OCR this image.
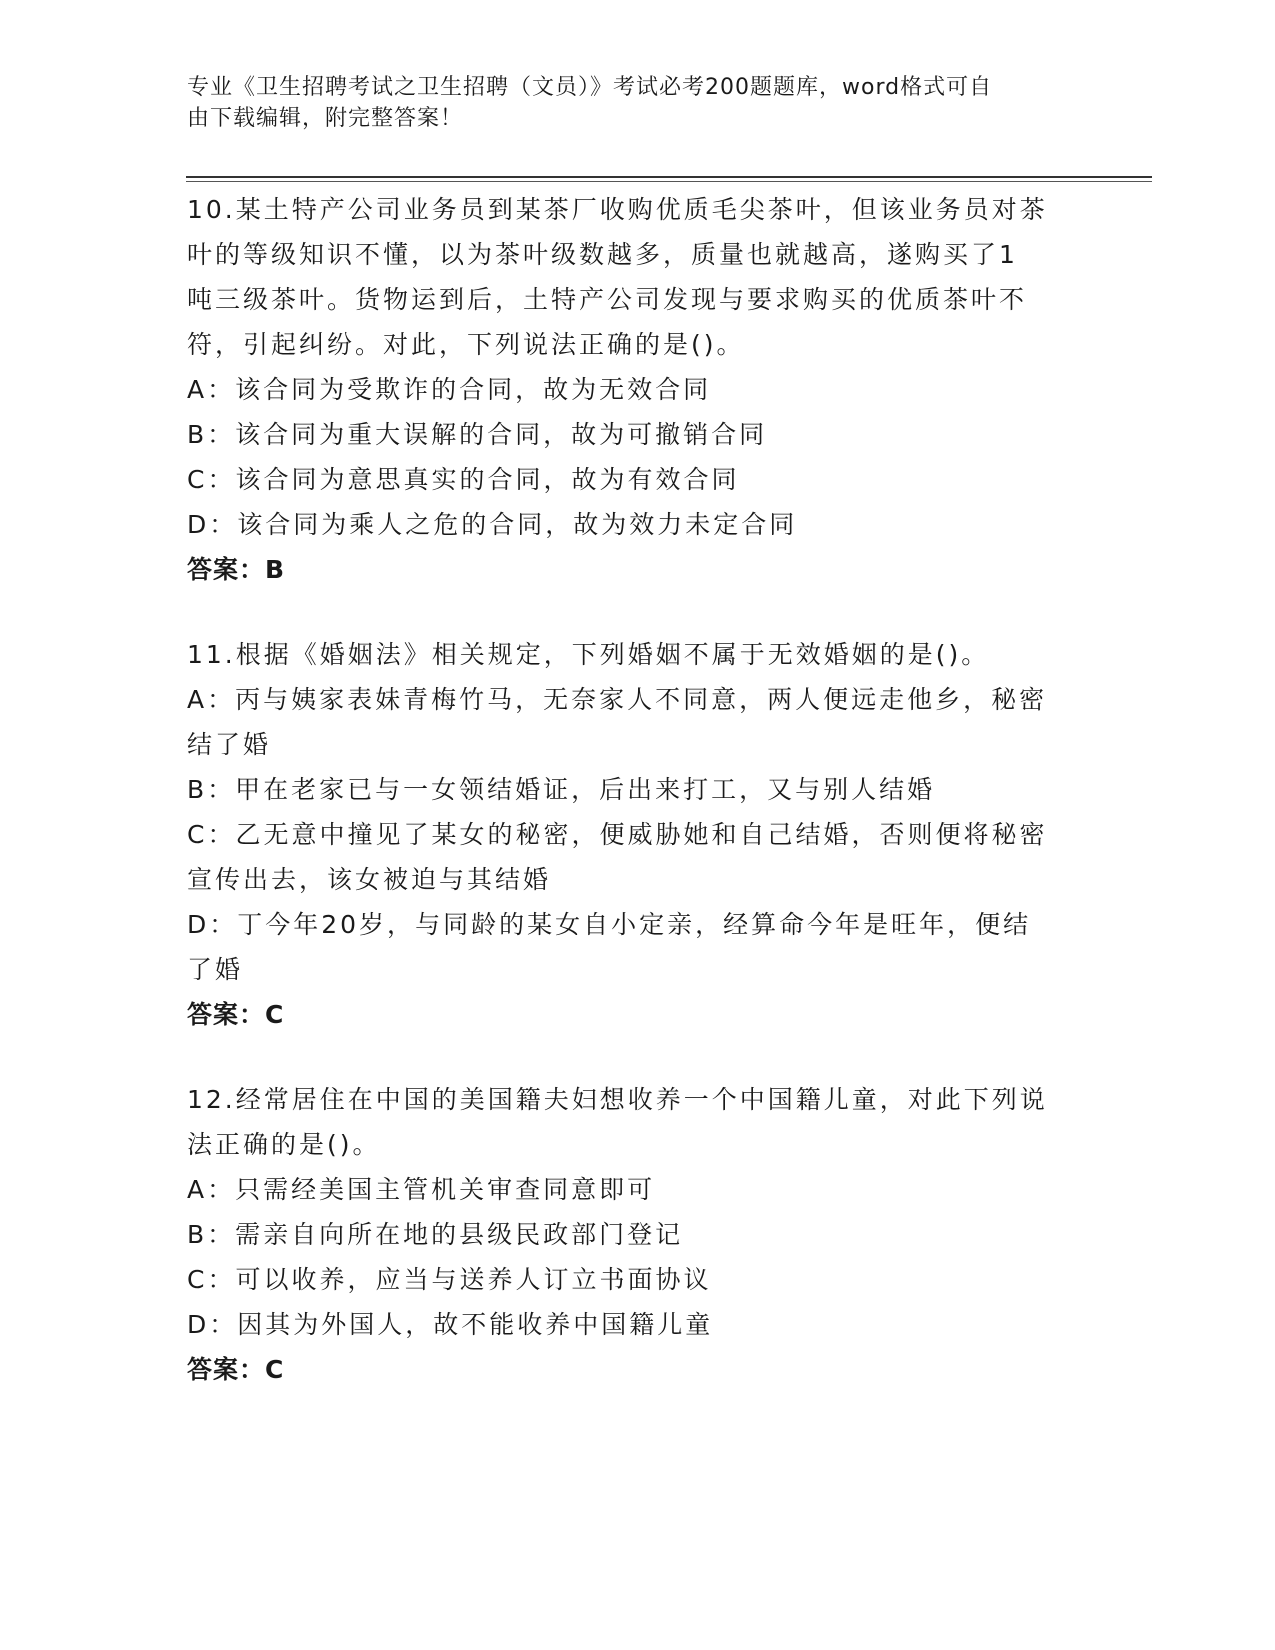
专业《卫生招聘考试之卫生招聘（文员）》考试必考200题题库，word格式可自
由下载编辑，附完整答案！

10.某土特产公司业务员到某茶厂收购优质毛尖茶叶，但该业务员对茶

叶的等级知识不懂，以为茶叶级数越多，质量也就越高，遂购买了1

吨三级茶叶。货物运到后，土特产公司发现与要求购买的优质茶叶不

符，引起纠纷。对此，下列说法正确的是()。

A：该合同为受欺诈的合同，故为无效合同

B：该合同为重大误解的合同，故为可撤销合同

C：该合同为意思真实的合同，故为有效合同

D：该合同为乘人之危的合同，故为效力未定合同

答案：B

11.根据《婚姻法》相关规定，下列婚姻不属于无效婚姻的是()。

A：丙与姨家表妹青梅竹马，无奈家人不同意，两人便远走他乡，秘密

结了婚

B：甲在老家已与一女领结婚证，后出来打工，又与别人结婚

C：乙无意中撞见了某女的秘密，便威胁她和自己结婚，否则便将秘密

宣传出去，该女被迫与其结婚

D：丁今年20岁，与同龄的某女自小定亲，经算命今年是旺年，便结

了婚

答案：C

12.经常居住在中国的美国籍夫妇想收养一个中国籍儿童，对此下列说

法正确的是()。

A：只需经美国主管机关审查同意即可

B：需亲自向所在地的县级民政部门登记

C：可以收养，应当与送养人订立书面协议

D：因其为外国人，故不能收养中国籍儿童

答案：C
